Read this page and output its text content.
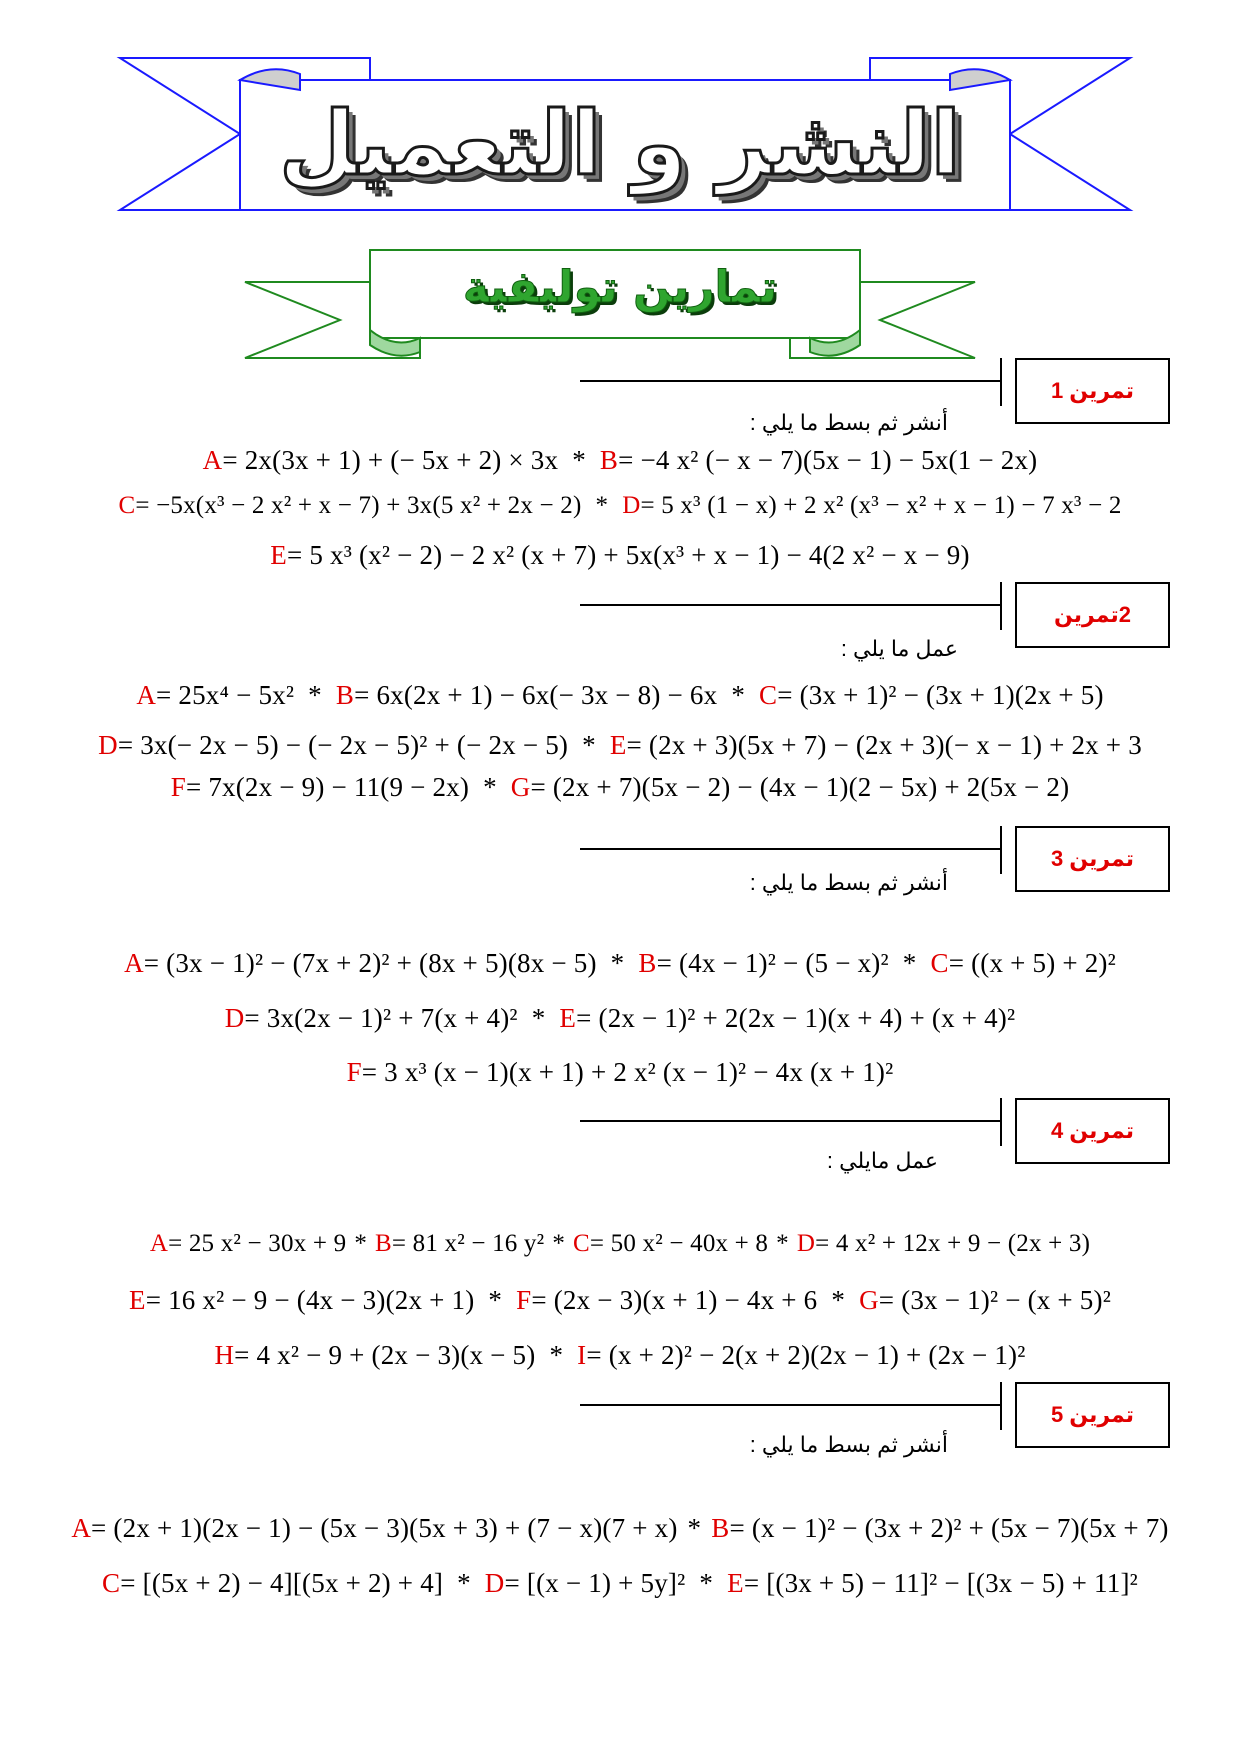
النشر و التعميل
تمارين توليفية
تمرين 1
أنشر ثم بسط ما يلي :
A= 2x(3x + 1) + (− 5x + 2) × 3x * B= −4 x² (− x − 7)(5x − 1) − 5x(1 − 2x)
C= −5x(x³ − 2 x² + x − 7) + 3x(5 x² + 2x − 2) * D= 5 x³ (1 − x) + 2 x² (x³ − x² + x − 1) − 7 x³ − 2
E= 5 x³ (x² − 2) − 2 x² (x + 7) + 5x(x³ + x − 1) − 4(2 x² − x − 9)
2تمرين
عمل ما يلي :
A= 25x⁴ − 5x² * B= 6x(2x + 1) − 6x(− 3x − 8) − 6x * C= (3x + 1)² − (3x + 1)(2x + 5)
D= 3x(− 2x − 5) − (− 2x − 5)² + (− 2x − 5) * E= (2x + 3)(5x + 7) − (2x + 3)(− x − 1) + 2x + 3
F= 7x(2x − 9) − 11(9 − 2x) * G= (2x + 7)(5x − 2) − (4x − 1)(2 − 5x) + 2(5x − 2)
تمرين 3
أنشر ثم بسط ما يلي :
A= (3x − 1)² − (7x + 2)² + (8x + 5)(8x − 5) * B= (4x − 1)² − (5 − x)² * C= ((x + 5) + 2)²
D= 3x(2x − 1)² + 7(x + 4)² * E= (2x − 1)² + 2(2x − 1)(x + 4) + (x + 4)²
F= 3 x³ (x − 1)(x + 1) + 2 x² (x − 1)² − 4x (x + 1)²
تمرين 4
عمل مايلي :
A= 25 x² − 30x + 9 * B= 81 x² − 16 y² * C= 50 x² − 40x + 8 * D= 4 x² + 12x + 9 − (2x + 3)
E= 16 x² − 9 − (4x − 3)(2x + 1) * F= (2x − 3)(x + 1) − 4x + 6 * G= (3x − 1)² − (x + 5)²
H= 4 x² − 9 + (2x − 3)(x − 5) * I= (x + 2)² − 2(x + 2)(2x − 1) + (2x − 1)²
تمرين 5
أنشر ثم بسط ما يلي :
A= (2x + 1)(2x − 1) − (5x − 3)(5x + 3) + (7 − x)(7 + x) * B= (x − 1)² − (3x + 2)² + (5x − 7)(5x + 7)
C= [(5x + 2) − 4][(5x + 2) + 4] * D= [(x − 1) + 5y]² * E= [(3x + 5) − 11]² − [(3x − 5) + 11]²
